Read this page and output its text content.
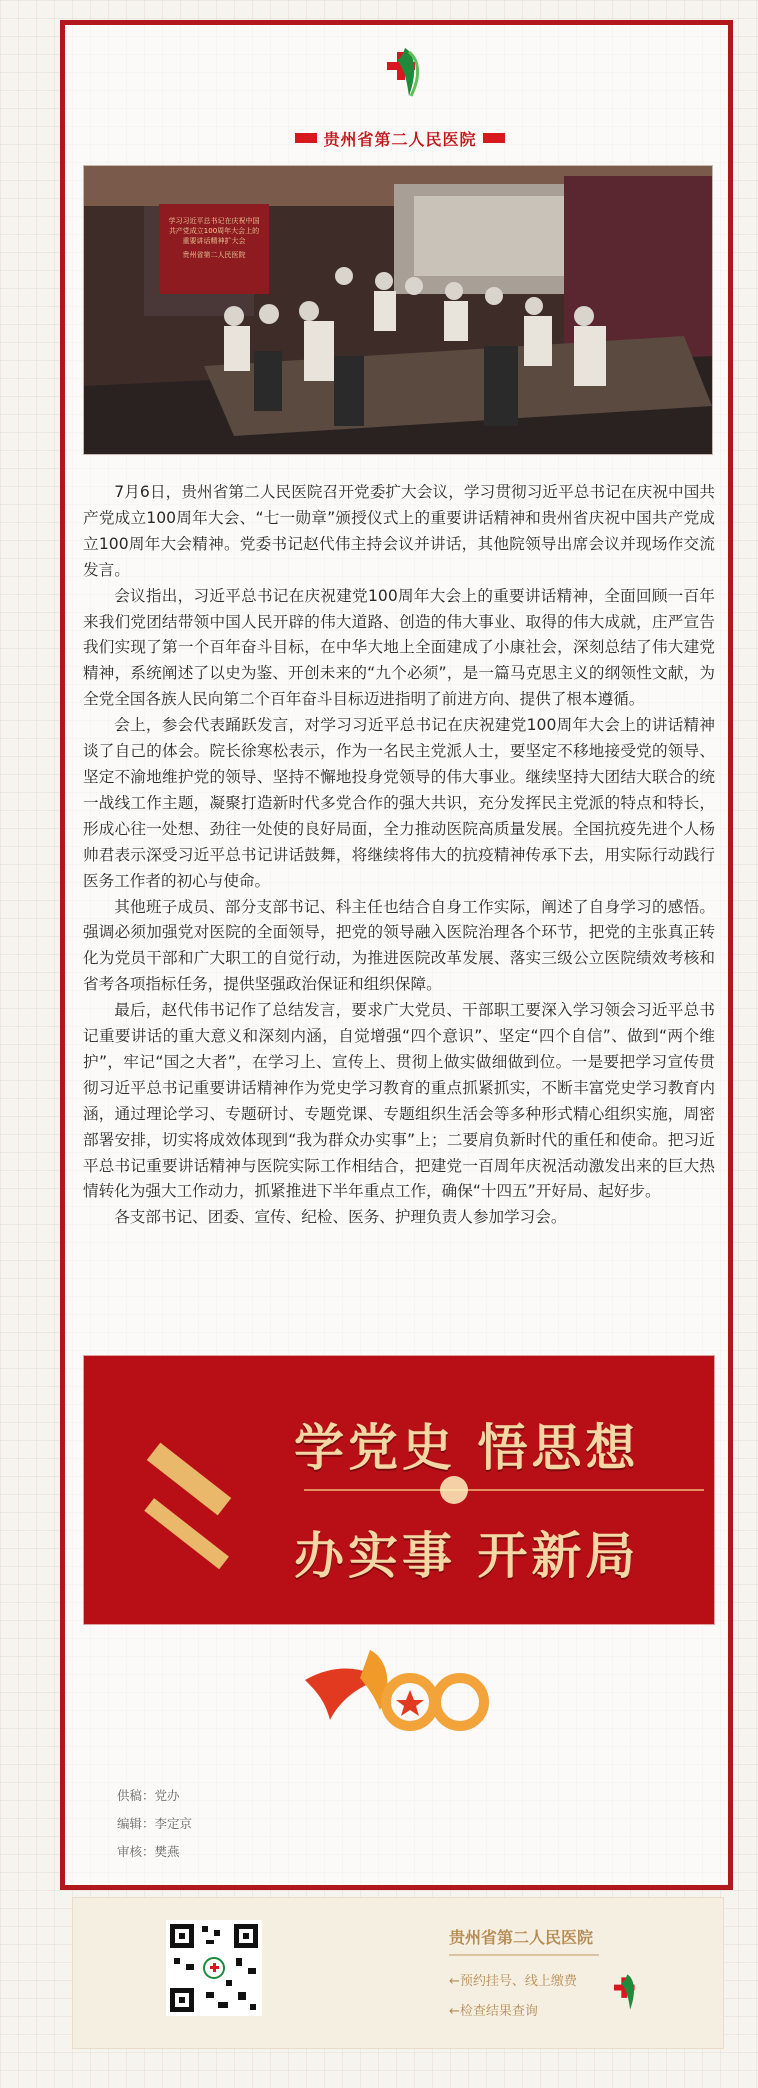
贵州省第二人民医院
学习习近平总书记在庆祝中国共产党成立100周年大会上的重要讲话精神扩大会
贵州省第二人民医院

7月6日，贵州省第二人民医院召开党委扩大会议，学习贯彻习近平总书记在庆祝中国共产党成立100周年大会、“七一勋章”颁授仪式上的重要讲话精神和贵州省庆祝中国共产党成立100周年大会精神。党委书记赵代伟主持会议并讲话，其他院领导出席会议并现场作交流发言。

会议指出，习近平总书记在庆祝建党100周年大会上的重要讲话精神，全面回顾一百年来我们党团结带领中国人民开辟的伟大道路、创造的伟大事业、取得的伟大成就，庄严宣告我们实现了第一个百年奋斗目标，在中华大地上全面建成了小康社会，深刻总结了伟大建党精神，系统阐述了以史为鉴、开创未来的“九个必须”，是一篇马克思主义的纲领性文献，为全党全国各族人民向第二个百年奋斗目标迈进指明了前进方向、提供了根本遵循。

会上，参会代表踊跃发言，对学习习近平总书记在庆祝建党100周年大会上的讲话精神谈了自己的体会。院长徐寒松表示，作为一名民主党派人士，要坚定不移地接受党的领导、坚定不渝地维护党的领导、坚持不懈地投身党领导的伟大事业。继续坚持大团结大联合的统一战线工作主题，凝聚打造新时代多党合作的强大共识，充分发挥民主党派的特点和特长，形成心往一处想、劲往一处使的良好局面，全力推动医院高质量发展。全国抗疫先进个人杨帅君表示深受习近平总书记讲话鼓舞，将继续将伟大的抗疫精神传承下去，用实际行动践行医务工作者的初心与使命。

其他班子成员、部分支部书记、科主任也结合自身工作实际，阐述了自身学习的感悟。强调必须加强党对医院的全面领导，把党的领导融入医院治理各个环节，把党的主张真正转化为党员干部和广大职工的自觉行动，为推进医院改革发展、落实三级公立医院绩效考核和省考各项指标任务，提供坚强政治保证和组织保障。

最后，赵代伟书记作了总结发言，要求广大党员、干部职工要深入学习领会习近平总书记重要讲话的重大意义和深刻内涵，自觉增强“四个意识”、坚定“四个自信”、做到“两个维护”，牢记“国之大者”，在学习上、宣传上、贯彻上做实做细做到位。一是要把学习宣传贯彻习近平总书记重要讲话精神作为党史学习教育的重点抓紧抓实，不断丰富党史学习教育内涵，通过理论学习、专题研讨、专题党课、专题组织生活会等多种形式精心组织实施，周密部署安排，切实将成效体现到“我为群众办实事”上；二要肩负新时代的重任和使命。把习近平总书记重要讲话精神与医院实际工作相结合，把建党一百周年庆祝活动激发出来的巨大热情转化为强大工作动力，抓紧推进下半年重点工作，确保“十四五”开好局、起好步。

各支部书记、团委、宣传、纪检、医务、护理负责人参加学习会。

学党史 悟思想
办实事 开新局
供稿：党办
编辑：李定京
审核：樊燕
贵州省第二人民医院
←预约挂号、线上缴费
←检查结果查询
